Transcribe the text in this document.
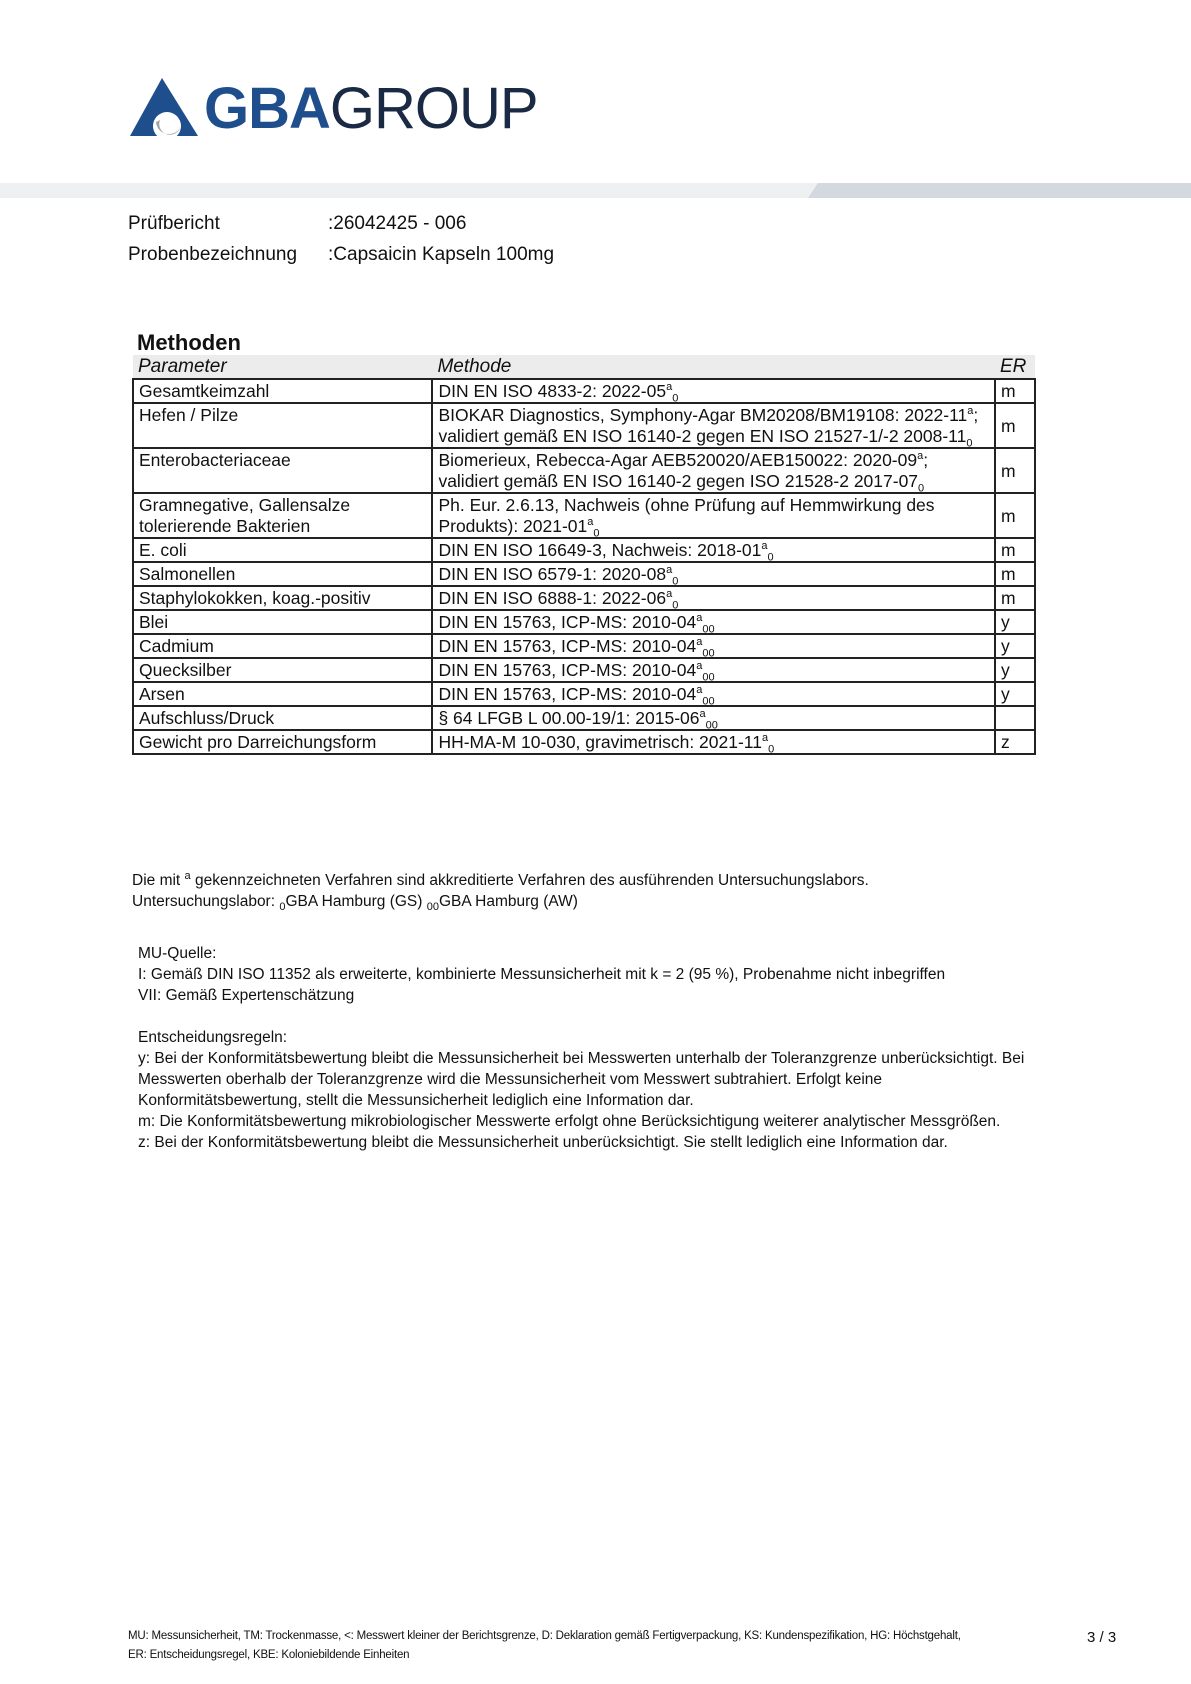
GBAGROUP
Prüfbericht	:26042425 - 006
Probenbezeichnung	:Capsaicin Kapseln 100mg
Methoden
Parameter	Methode	ER
Gesamtkeimzahl	DIN EN ISO 4833-2: $2022-05^a_0$	m
Hefen / Pilze	BIOKAR Diagnostics, Symphony-Agar BM20208/BM19108: 2022-11$^a$; validiert gemäß EN ISO 16140-2 gegen EN ISO 21527-1/-2 $2008-11_0$	m
Enterobacteriaceae	Biomerieux, Rebecca-Agar AEB520020/AEB150022: 2020-09$^a$; validiert gemäß EN ISO 16140-2 gegen ISO 21528-2 $2017-07_0$	m
Gramnegative, Gallensalze tolerierende Bakterien	Ph. Eur. 2.6.13, Nachweis (ohne Prüfung auf Hemmwirkung des Produkts): $2021-01^a_0$	m
E. coli	DIN EN ISO 16649-3, Nachweis: $2018-01^a_0$	m
Salmonellen	DIN EN ISO 6579-1: $2020-08^a_0$	m
Staphylokokken, koag.-positiv	DIN EN ISO 6888-1: $2022-06^a_0$	m
Blei	DIN EN 15763, ICP-MS: $2010-04^a_{00}$	y
Cadmium	DIN EN 15763, ICP-MS: $2010-04^a_{00}$	y
Quecksilber	DIN EN 15763, ICP-MS: $2010-04^a_{00}$	y
Arsen	DIN EN 15763, ICP-MS: $2010-04^a_{00}$	y
Aufschluss/Druck	§ 64 LFGB L 00.00-19/1: $2015-06^a_{00}$	
Gewicht pro Darreichungsform	HH-MA-M 10-030, gravimetrisch: $2021-11^a_0$	z
Die mit $^a$ gekennzeichneten Verfahren sind akkreditierte Verfahren des ausführenden Untersuchungslabors.
Untersuchungslabor: $_0$GBA Hamburg (GS) $_{00}$GBA Hamburg (AW)
MU-Quelle:
I: Gemäß DIN ISO 11352 als erweiterte, kombinierte Messunsicherheit mit k = 2 (95 %), Probenahme nicht inbegriffen
VII: Gemäß Expertenschätzung
Entscheidungsregeln:
y: Bei der Konformitätsbewertung bleibt die Messunsicherheit bei Messwerten unterhalb der Toleranzgrenze unberücksichtigt. Bei
Messwerten oberhalb der Toleranzgrenze wird die Messunsicherheit vom Messwert subtrahiert. Erfolgt keine
Konformitätsbewertung, stellt die Messunsicherheit lediglich eine Information dar.
m: Die Konformitätsbewertung mikrobiologischer Messwerte erfolgt ohne Berücksichtigung weiterer analytischer Messgrößen.
z: Bei der Konformitätsbewertung bleibt die Messunsicherheit unberücksichtigt. Sie stellt lediglich eine Information dar.
MU: Messunsicherheit, TM: Trockenmasse, <: Messwert kleiner der Berichtsgrenze, D: Deklaration gemäß Fertigverpackung, KS: Kundenspezifikation, HG: Höchstgehalt,
ER: Entscheidungsregel, KBE: Koloniebildende Einheiten
3 / 3
